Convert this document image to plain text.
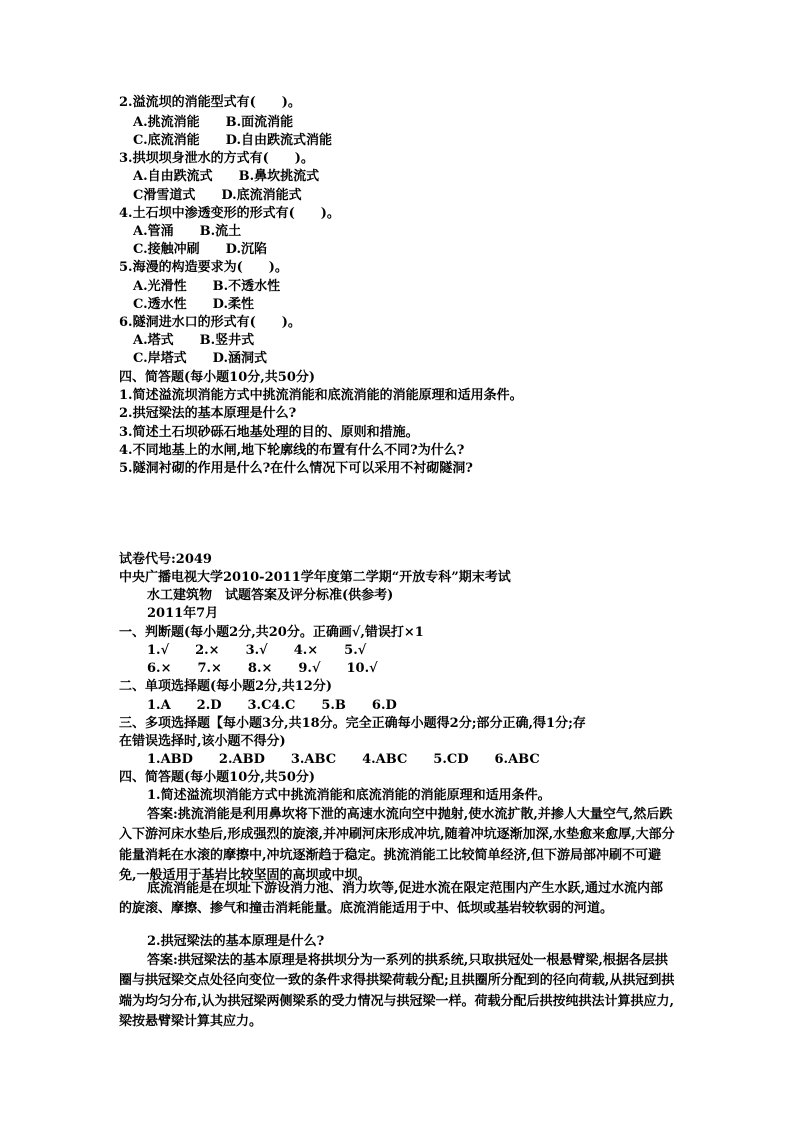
2.溢流坝的消能型式有(　　)。
A.挑流消能　　B.面流消能
C.底流消能　　D.自由跌流式消能
3.拱坝坝身泄水的方式有(　　)。
A.自由跌流式　　B.鼻坎挑流式
C滑雪道式　　D.底流消能式
4.土石坝中渗透变形的形式有(　　)。
A.管涌　　B.流土
C.接触冲刷　　D.沉陷
5.海漫的构造要求为(　　)。
A.光滑性　　B.不透水性
C.透水性　　D.柔性
6.隧洞进水口的形式有(　　)。
A.塔式　　B.竖井式
C.岸塔式　　D.涵洞式
四、简答题(每小题10分,共50分)
1.简述溢流坝消能方式中挑流消能和底流消能的消能原理和适用条件。
2.拱冠梁法的基本原理是什么?
3.简述土石坝砂砾石地基处理的目的、原则和措施。
4.不同地基上的水闸,地下轮廓线的布置有什么不同?为什么?
5.隧洞衬砌的作用是什么?在什么情况下可以采用不衬砌隧洞?
试卷代号:2049
中央广播电视大学2010-2011学年度第二学期“开放专科”期末考试
水工建筑物　试题答案及评分标准(供参考)
2011年7月
一、判断题(每小题2分,共20分。正确画√,错误打×1
1.√　　2.×　　3.√　　4.×　　5.√
6.×　　7.×　　8.×　　9.√　　10.√
二、单项选择题(每小题2分,共12分)
1.A　　2.D　　3.C4.C　　5.B　　6.D
三、多项选择题【每小题3分,共18分。完全正确每小题得2分;部分正确,得1分;存
在错误选择时,该小题不得分)
1.ABD　　2.ABD　　3.ABC　　4.ABC　　5.CD　　6.ABC
四、简答题(每小题10分,共50分)
1.简述溢流坝消能方式中挑流消能和底流消能的消能原理和适用条件。
答案:挑流消能是利用鼻坎将下泄的高速水流向空中抛射,使水流扩散,并掺人大量空气,然后跌入下游河床水垫后,形成强烈的旋滚,并冲刷河床形成冲坑,随着冲坑逐渐加深,水垫愈来愈厚,大部分能量消耗在水滚的摩擦中,冲坑逐渐趋于稳定。挑流消能工比较简单经济,但下游局部冲刷不可避免,一般适用于基岩比较坚固的高坝或中坝。
底流消能是在坝址下游设消力池、消力坎等,促进水流在限定范围内产生水跃,通过水流内部的旋滚、摩擦、掺气和撞击消耗能量。底流消能适用于中、低坝或基岩较软弱的河道。
2.拱冠梁法的基本原理是什么?
答案:拱冠梁法的基本原理是将拱坝分为一系列的拱系统,只取拱冠处一根悬臂梁,根据各层拱圈与拱冠梁交点处径向变位一致的条件求得拱梁荷载分配;且拱圈所分配到的径向荷载,从拱冠到拱端为均匀分布,认为拱冠梁两侧梁系的受力情况与拱冠梁一样。荷载分配后拱按纯拱法计算拱应力,梁按悬臂梁计算其应力。
